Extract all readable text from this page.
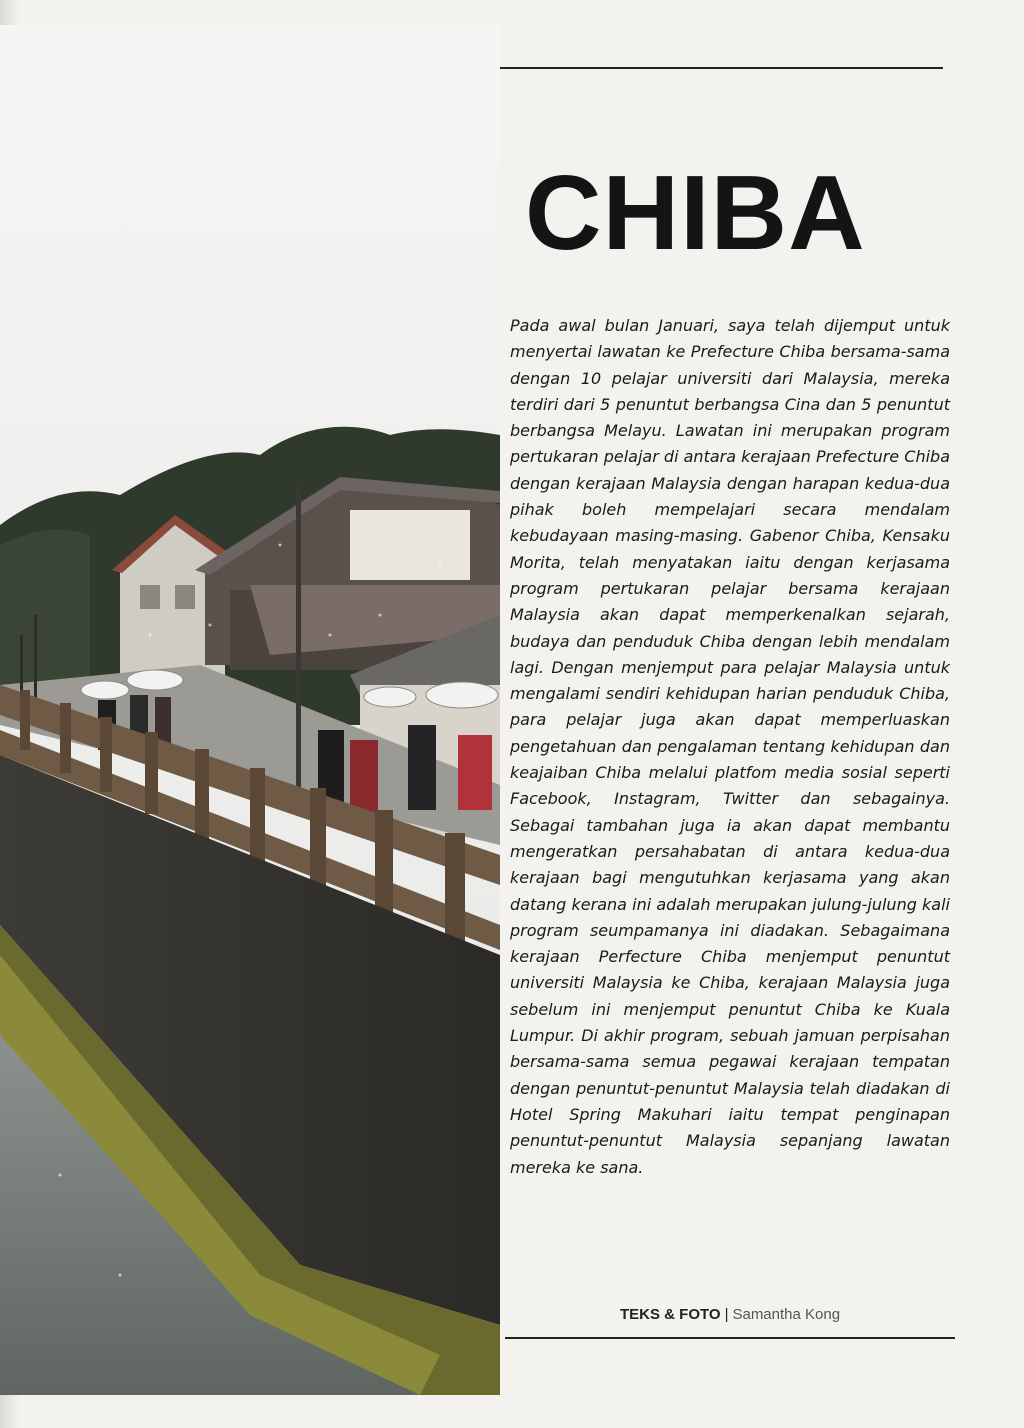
CHIBA

Pada awal bulan Januari, saya telah dijemput untuk menyertai lawatan ke Prefecture Chiba bersama-sama dengan 10 pelajar universiti dari Malaysia, mereka terdiri dari 5 penuntut berbangsa Cina dan 5 penuntut berbangsa Melayu. Lawatan ini merupakan program pertukaran pelajar di antara kerajaan Prefecture Chiba dengan kerajaan Malaysia dengan harapan kedua-dua pihak boleh mempelajari secara mendalam kebudayaan masing-masing. Gabenor Chiba, Kensaku Morita, telah menyatakan iaitu dengan kerjasama program pertukaran pelajar bersama kerajaan Malaysia akan dapat memperkenalkan sejarah, budaya dan penduduk Chiba dengan lebih mendalam lagi. Dengan menjemput para pelajar Malaysia untuk mengalami sendiri kehidupan harian penduduk Chiba, para pelajar juga akan dapat memperluaskan pengetahuan dan pengalaman tentang kehidupan dan keajaiban Chiba melalui platfom media sosial seperti Facebook, Instagram, Twitter dan sebagainya. Sebagai tambahan juga ia akan dapat membantu mengeratkan persahabatan di antara kedua-dua kerajaan bagi mengutuhkan kerjasama yang akan datang kerana ini adalah merupakan julung-julung kali program seumpamanya ini diadakan. Sebagaimana kerajaan Perfecture Chiba menjemput penuntut universiti Malaysia ke Chiba, kerajaan Malaysia juga sebelum ini menjemput penuntut Chiba ke Kuala Lumpur. Di akhir program, sebuah jamuan perpisahan bersama-sama semua pegawai kerajaan tempatan dengan penuntut-penuntut Malaysia telah diadakan di Hotel Spring Makuhari iaitu tempat penginapan penuntut-penuntut Malaysia sepanjang lawatan mereka ke sana.

TEKS & FOTO | Samantha Kong
